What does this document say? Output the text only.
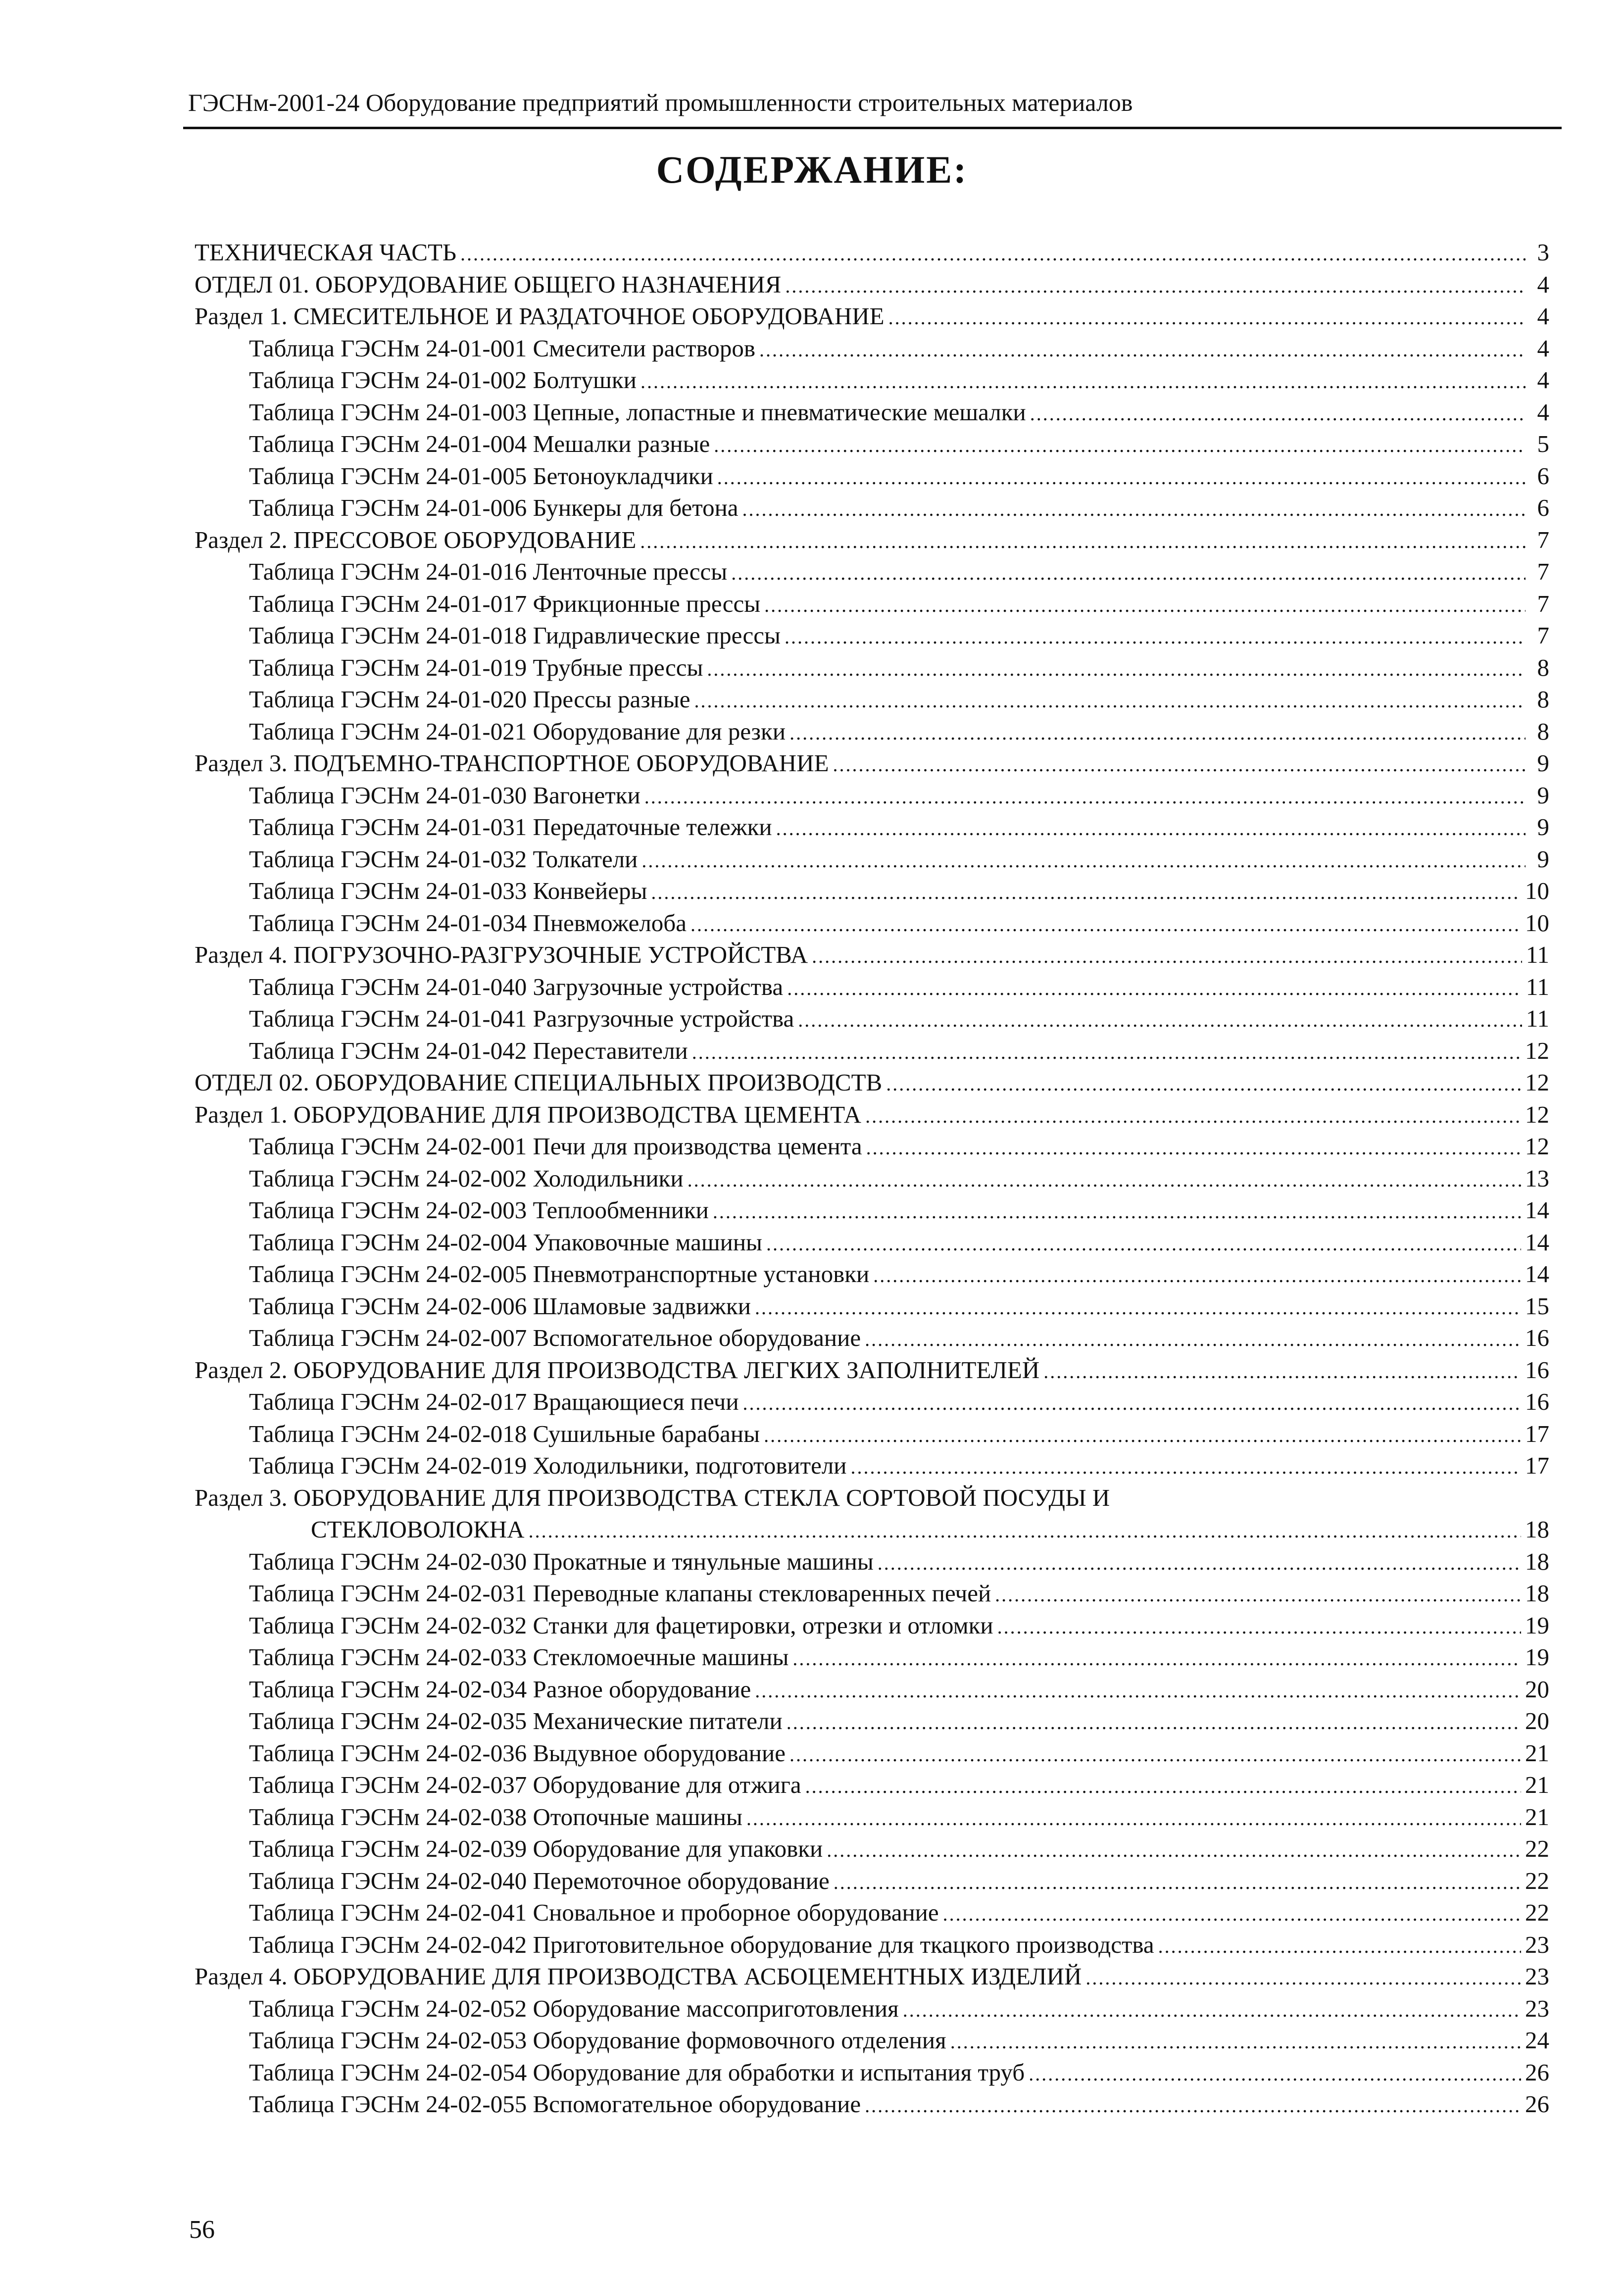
ГЭСНм-2001-24 Оборудование предприятий промышленности строительных материалов
СОДЕРЖАНИЕ:
ТЕХНИЧЕСКАЯ ЧАСТЬ .....	3
ОТДЕЛ 01. ОБОРУДОВАНИЕ ОБЩЕГО НАЗНАЧЕНИЯ .....	4
Раздел 1. СМЕСИТЕЛЬНОЕ И РАЗДАТОЧНОЕ ОБОРУДОВАНИЕ .....	4
Таблица ГЭСНм 24-01-001 Смесители растворов .....	4
Таблица ГЭСНм 24-01-002 Болтушки .....	4
Таблица ГЭСНм 24-01-003 Цепные, лопастные и пневматические мешалки .....	4
Таблица ГЭСНм 24-01-004 Мешалки разные .....	5
Таблица ГЭСНм 24-01-005 Бетоноукладчики .....	6
Таблица ГЭСНм 24-01-006 Бункеры для бетона .....	6
Раздел 2. ПРЕССОВОЕ ОБОРУДОВАНИЕ .....	7
Таблица ГЭСНм 24-01-016 Ленточные прессы .....	7
Таблица ГЭСНм 24-01-017 Фрикционные прессы .....	7
Таблица ГЭСНм 24-01-018 Гидравлические прессы .....	7
Таблица ГЭСНм 24-01-019 Трубные прессы .....	8
Таблица ГЭСНм 24-01-020 Прессы разные .....	8
Таблица ГЭСНм 24-01-021 Оборудование для резки .....	8
Раздел 3. ПОДЪЕМНО-ТРАНСПОРТНОЕ ОБОРУДОВАНИЕ .....	9
Таблица ГЭСНм 24-01-030 Вагонетки .....	9
Таблица ГЭСНм 24-01-031 Передаточные тележки .....	9
Таблица ГЭСНм 24-01-032 Толкатели .....	9
Таблица ГЭСНм 24-01-033 Конвейеры .....	10
Таблица ГЭСНм 24-01-034 Пневможелоба .....	10
Раздел 4. ПОГРУЗОЧНО-РАЗГРУЗОЧНЫЕ УСТРОЙСТВА .....	11
Таблица ГЭСНм 24-01-040 Загрузочные устройства .....	11
Таблица ГЭСНм 24-01-041 Разгрузочные устройства .....	11
Таблица ГЭСНм 24-01-042 Переставители .....	12
ОТДЕЛ 02. ОБОРУДОВАНИЕ СПЕЦИАЛЬНЫХ ПРОИЗВОДСТВ .....	12
Раздел 1. ОБОРУДОВАНИЕ ДЛЯ ПРОИЗВОДСТВА ЦЕМЕНТА .....	12
Таблица ГЭСНм 24-02-001 Печи для производства цемента .....	12
Таблица ГЭСНм 24-02-002 Холодильники .....	13
Таблица ГЭСНм 24-02-003 Теплообменники .....	14
Таблица ГЭСНм 24-02-004 Упаковочные машины .....	14
Таблица ГЭСНм 24-02-005 Пневмотранспортные установки .....	14
Таблица ГЭСНм 24-02-006 Шламовые задвижки .....	15
Таблица ГЭСНм 24-02-007 Вспомогательное оборудование .....	16
Раздел 2. ОБОРУДОВАНИЕ ДЛЯ ПРОИЗВОДСТВА ЛЕГКИХ ЗАПОЛНИТЕЛЕЙ .....	16
Таблица ГЭСНм 24-02-017 Вращающиеся печи .....	16
Таблица ГЭСНм 24-02-018 Сушильные барабаны .....	17
Таблица ГЭСНм 24-02-019 Холодильники, подготовители .....	17
Раздел 3. ОБОРУДОВАНИЕ ДЛЯ ПРОИЗВОДСТВА СТЕКЛА СОРТОВОЙ ПОСУДЫ И
СТЕКЛОВОЛОКНА .....	18
Таблица ГЭСНм 24-02-030 Прокатные и тянульные машины .....	18
Таблица ГЭСНм 24-02-031 Переводные клапаны стекловаренных печей .....	18
Таблица ГЭСНм 24-02-032 Станки для фацетировки, отрезки и отломки .....	19
Таблица ГЭСНм 24-02-033 Стекломоечные машины .....	19
Таблица ГЭСНм 24-02-034 Разное оборудование .....	20
Таблица ГЭСНм 24-02-035 Механические питатели .....	20
Таблица ГЭСНм 24-02-036 Выдувное оборудование .....	21
Таблица ГЭСНм 24-02-037 Оборудование для отжига .....	21
Таблица ГЭСНм 24-02-038 Отопочные машины .....	21
Таблица ГЭСНм 24-02-039 Оборудование для упаковки .....	22
Таблица ГЭСНм 24-02-040 Перемоточное оборудование .....	22
Таблица ГЭСНм 24-02-041 Сновальное и проборное оборудование .....	22
Таблица ГЭСНм 24-02-042 Приготовительное оборудование для ткацкого производства .....	23
Раздел 4. ОБОРУДОВАНИЕ ДЛЯ ПРОИЗВОДСТВА АСБОЦЕМЕНТНЫХ ИЗДЕЛИЙ .....	23
Таблица ГЭСНм 24-02-052 Оборудование массоприготовления .....	23
Таблица ГЭСНм 24-02-053 Оборудование формовочного отделения .....	24
Таблица ГЭСНм 24-02-054 Оборудование для обработки и испытания труб .....	26
Таблица ГЭСНм 24-02-055 Вспомогательное оборудование .....	26
56
